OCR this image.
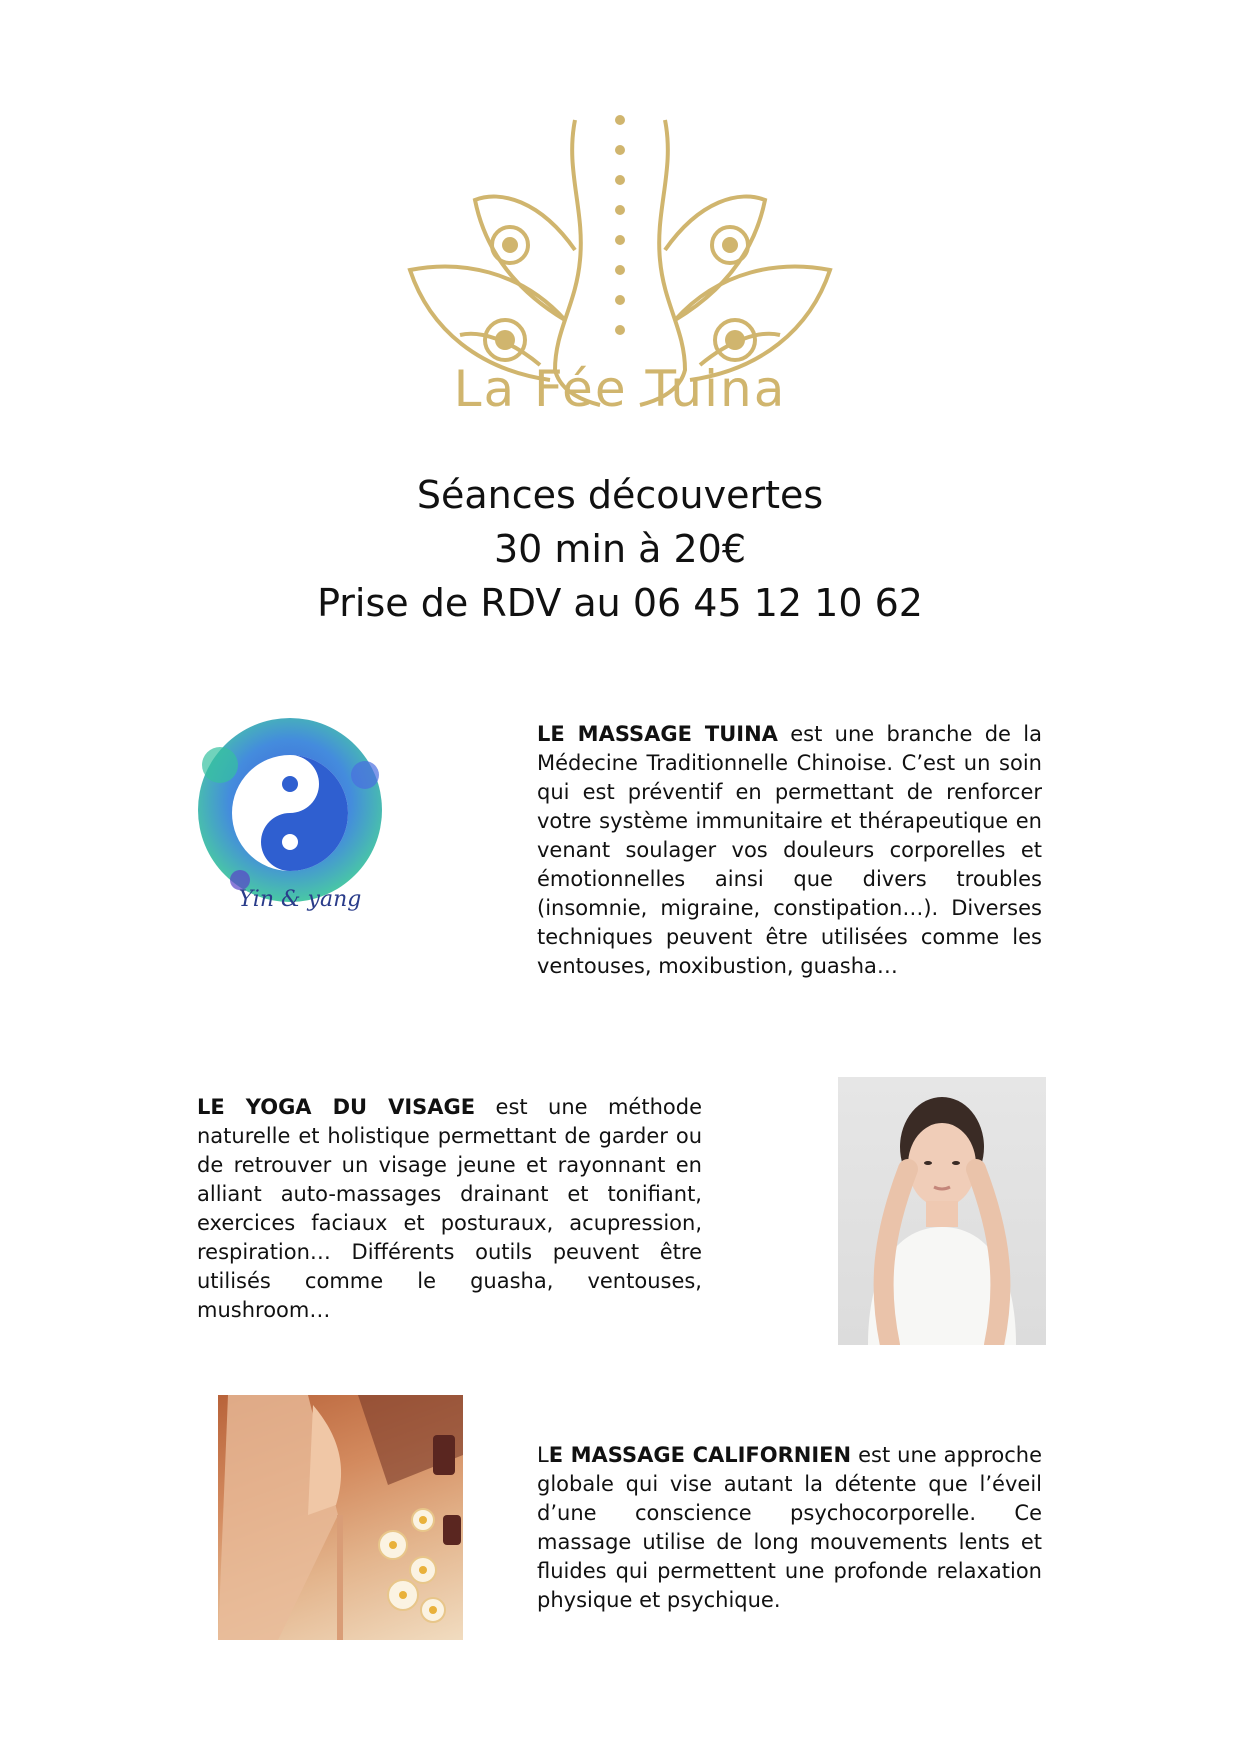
La Fée Tuina
Séances découvertes
30 min à 20€
Prise de RDV au 06 45 12 10 62
Yin & yang
LE MASSAGE TUINA est une branche de la Médecine Traditionnelle Chinoise. C’est un soin qui est préventif en permettant de renforcer votre système immunitaire et thérapeutique en venant soulager vos douleurs corporelles et émotionnelles ainsi que divers troubles (insomnie, migraine, constipation…). Diverses techniques peuvent être utilisées comme les ventouses, moxibustion, guasha…
LE YOGA DU VISAGE est une méthode naturelle et holistique permettant de garder ou de retrouver un visage jeune et rayonnant en alliant auto-massages drainant et tonifiant, exercices faciaux et posturaux, acupression, respiration… Différents outils peuvent être utilisés comme le guasha, ventouses, mushroom…
LE MASSAGE CALIFORNIEN est une approche globale qui vise autant la détente que l’éveil d’une conscience psychocorporelle. Ce massage utilise de long mouvements lents et fluides qui permettent une profonde relaxation physique et psychique.
